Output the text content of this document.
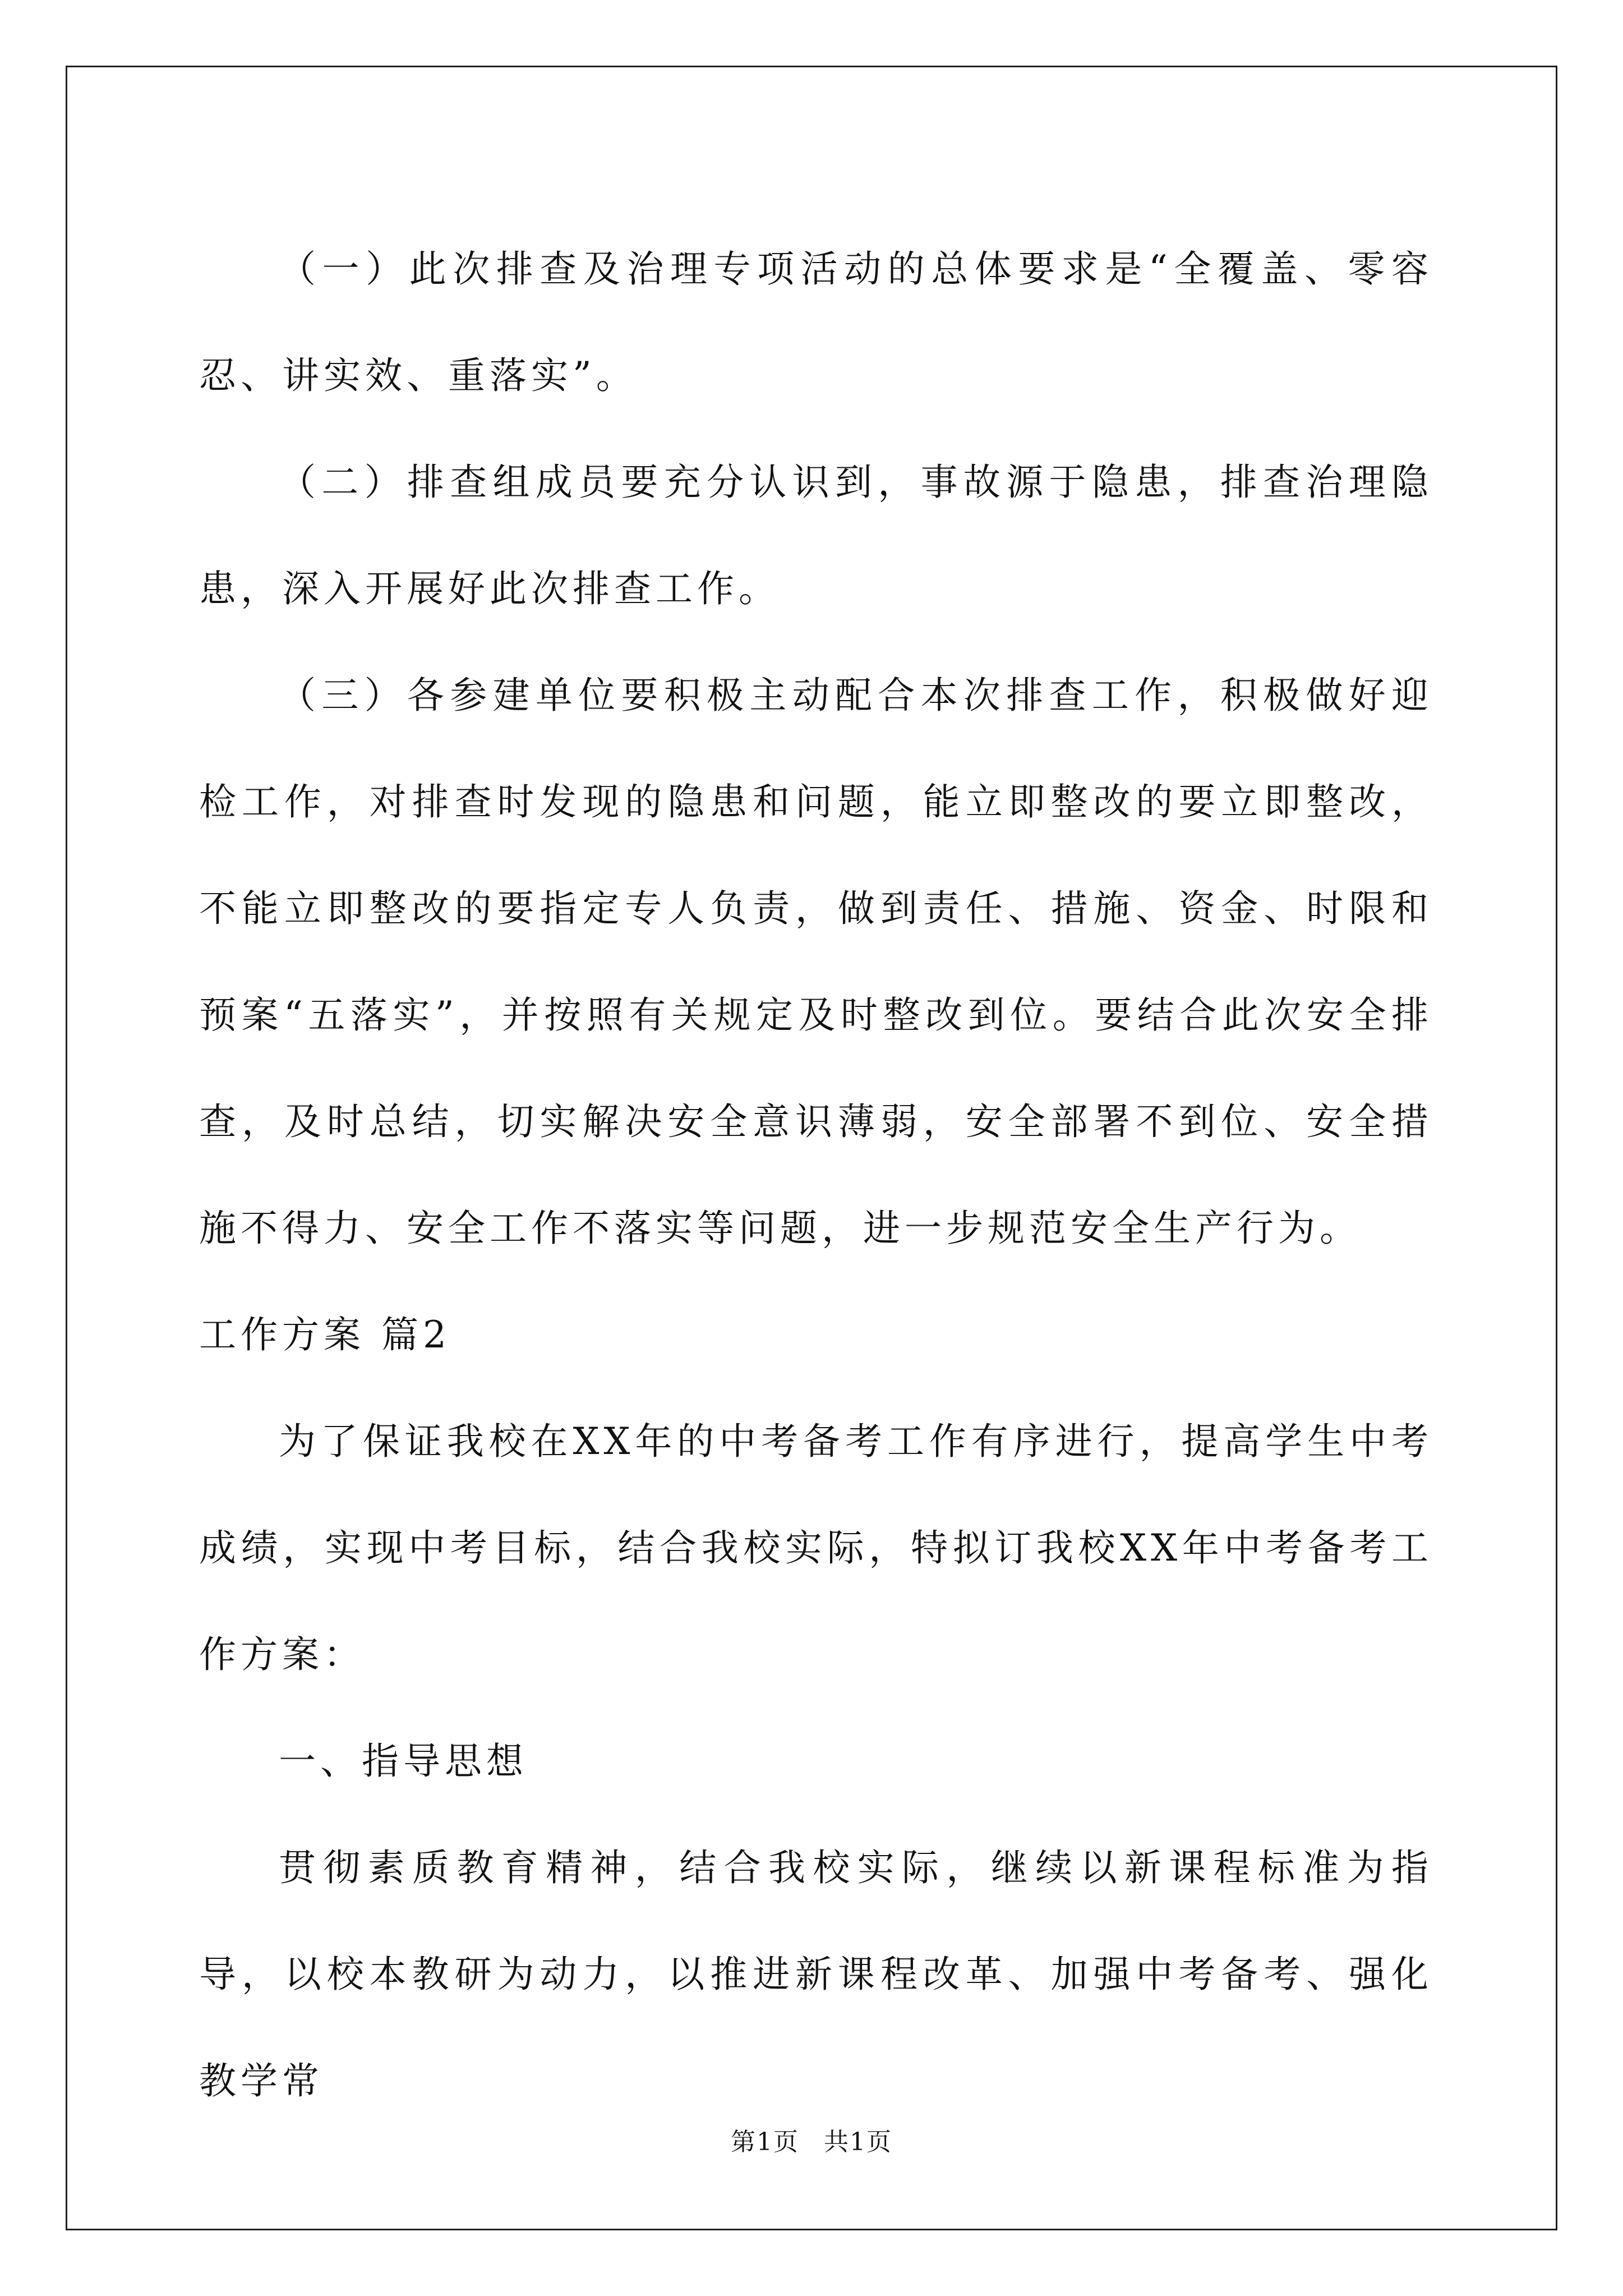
（一）此次排查及治理专项活动的总体要求是“全覆盖、零容忍、讲实效、重落实”。

（二）排查组成员要充分认识到，事故源于隐患，排查治理隐患，深入开展好此次排查工作。

（三）各参建单位要积极主动配合本次排查工作，积极做好迎检工作，对排查时发现的隐患和问题，能立即整改的要立即整改，不能立即整改的要指定专人负责，做到责任、措施、资金、时限和预案“五落实”，并按照有关规定及时整改到位。要结合此次安全排查，及时总结，切实解决安全意识薄弱，安全部署不到位、安全措施不得力、安全工作不落实等问题，进一步规范安全生产行为。

工作方案 篇2

为了保证我校在XX年的中考备考工作有序进行，提高学生中考成绩，实现中考目标，结合我校实际，特拟订我校XX年中考备考工作方案：

一、指导思想

贯彻素质教育精神，结合我校实际，继续以新课程标准为指导，以校本教研为动力，以推进新课程改革、加强中考备考、强化教学常

第1页 共1页
